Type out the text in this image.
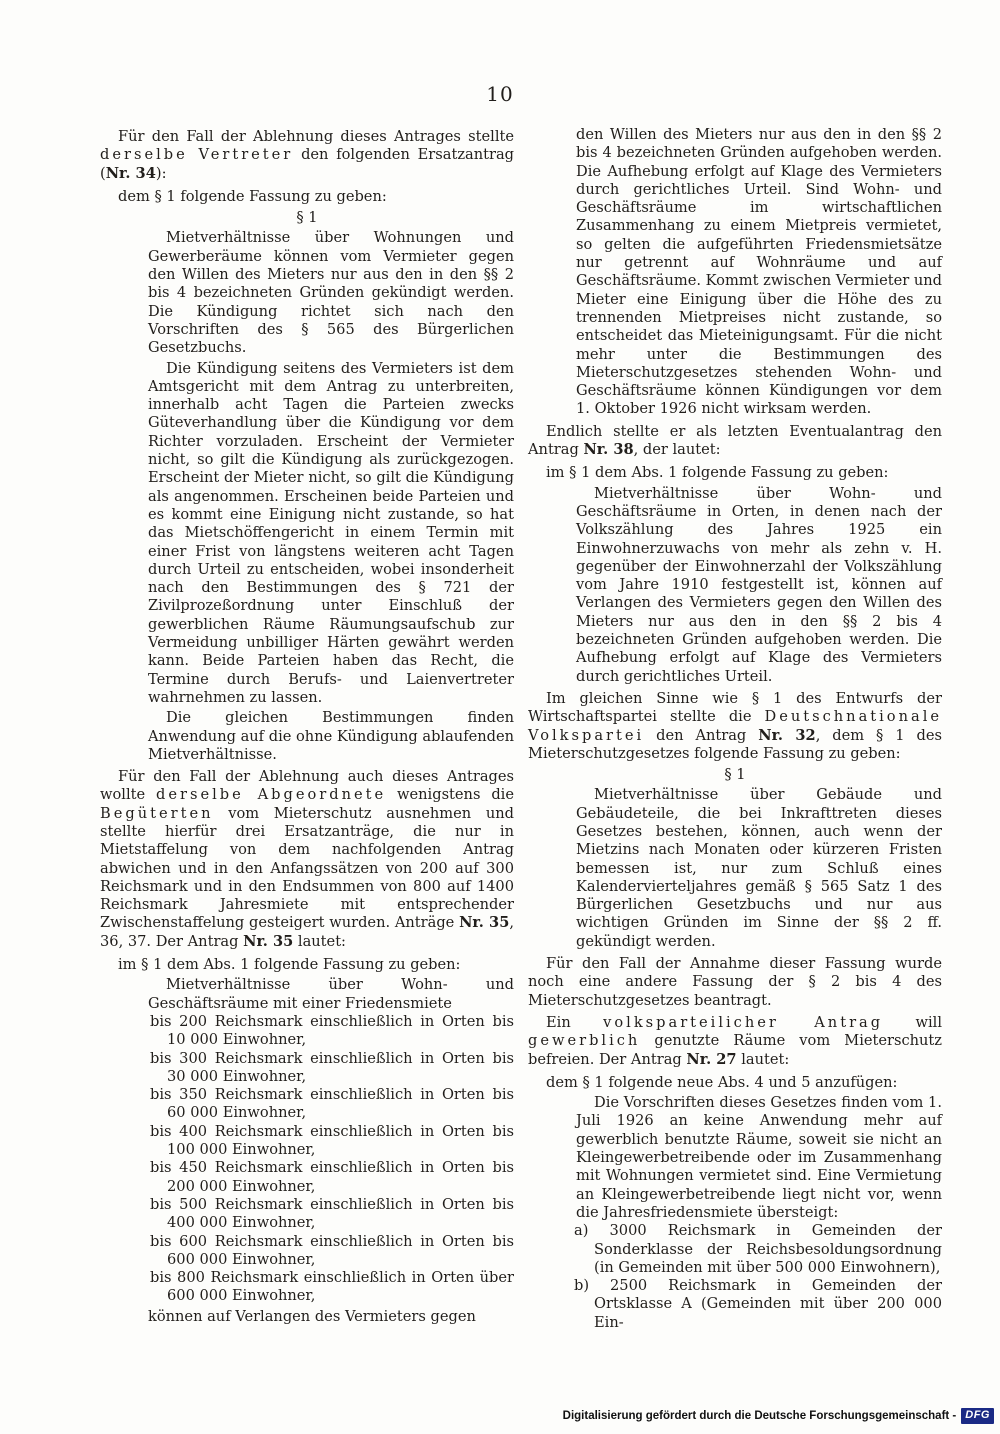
10

Für den Fall der Ablehnung dieses Antrages stellte derselbe Vertreter den folgenden Ersatzantrag (Nr. 34):

dem § 1 folgende Fassung zu geben:

§ 1

Mietverhältnisse über Wohnungen und Gewerberäume können vom Vermieter gegen den Willen des Mieters nur aus den in den §§ 2 bis 4 bezeichneten Gründen gekündigt werden. Die Kündigung richtet sich nach den Vorschriften des § 565 des Bürgerlichen Gesetzbuchs.

Die Kündigung seitens des Vermieters ist dem Amtsgericht mit dem Antrag zu unterbreiten, innerhalb acht Tagen die Parteien zwecks Güteverhandlung über die Kündigung vor dem Richter vorzuladen. Erscheint der Vermieter nicht, so gilt die Kündigung als zurückgezogen. Erscheint der Mieter nicht, so gilt die Kündigung als angenommen. Erscheinen beide Parteien und es kommt eine Einigung nicht zustande, so hat das Mietschöffengericht in einem Termin mit einer Frist von längstens weiteren acht Tagen durch Urteil zu entscheiden, wobei insonderheit nach den Bestimmungen des § 721 der Zivilprozeßordnung unter Einschluß der gewerblichen Räume Räumungsaufschub zur Vermeidung unbilliger Härten gewährt werden kann. Beide Parteien haben das Recht, die Termine durch Berufs- und Laienvertreter wahrnehmen zu lassen.

Die gleichen Bestimmungen finden Anwendung auf die ohne Kündigung ablaufenden Mietverhältnisse.

Für den Fall der Ablehnung auch dieses Antrages wollte derselbe Abgeordnete wenigstens die Begüterten vom Mieterschutz ausnehmen und stellte hierfür drei Ersatzanträge, die nur in Mietstaffelung von dem nachfolgenden Antrag abwichen und in den Anfangssätzen von 200 auf 300 Reichsmark und in den Endsummen von 800 auf 1400 Reichsmark Jahresmiete mit entsprechender Zwischenstaffelung gesteigert wurden. Anträge Nr. 35, 36, 37. Der Antrag Nr. 35 lautet:

im § 1 dem Abs. 1 folgende Fassung zu geben:

Mietverhältnisse über Wohn- und Geschäftsräume mit einer Friedensmiete

bis 200 Reichsmark einschließlich in Orten bis 10 000 Einwohner,

bis 300 Reichsmark einschließlich in Orten bis 30 000 Einwohner,

bis 350 Reichsmark einschließlich in Orten bis 60 000 Einwohner,

bis 400 Reichsmark einschließlich in Orten bis 100 000 Einwohner,

bis 450 Reichsmark einschließlich in Orten bis 200 000 Einwohner,

bis 500 Reichsmark einschließlich in Orten bis 400 000 Einwohner,

bis 600 Reichsmark einschließlich in Orten bis 600 000 Einwohner,

bis 800 Reichsmark einschließlich in Orten über 600 000 Einwohner,

können auf Verlangen des Vermieters gegen

den Willen des Mieters nur aus den in den §§ 2 bis 4 bezeichneten Gründen aufgehoben werden. Die Aufhebung erfolgt auf Klage des Vermieters durch gerichtliches Urteil. Sind Wohn- und Geschäftsräume im wirtschaftlichen Zusammenhang zu einem Mietpreis vermietet, so gelten die aufgeführten Friedensmietsätze nur getrennt auf Wohnräume und auf Geschäftsräume. Kommt zwischen Vermieter und Mieter eine Einigung über die Höhe des zu trennenden Mietpreises nicht zustande, so entscheidet das Mieteinigungsamt. Für die nicht mehr unter die Bestimmungen des Mieterschutzgesetzes stehenden Wohn- und Geschäftsräume können Kündigungen vor dem 1. Oktober 1926 nicht wirksam werden.

Endlich stellte er als letzten Eventualantrag den Antrag Nr. 38, der lautet:

im § 1 dem Abs. 1 folgende Fassung zu geben:

Mietverhältnisse über Wohn- und Geschäftsräume in Orten, in denen nach der Volkszählung des Jahres 1925 ein Einwohnerzuwachs von mehr als zehn v. H. gegenüber der Einwohnerzahl der Volkszählung vom Jahre 1910 festgestellt ist, können auf Verlangen des Vermieters gegen den Willen des Mieters nur aus den in den §§ 2 bis 4 bezeichneten Gründen aufgehoben werden. Die Aufhebung erfolgt auf Klage des Vermieters durch gerichtliches Urteil.

Im gleichen Sinne wie § 1 des Entwurfs der Wirtschaftspartei stellte die Deutschnationale Volkspartei den Antrag Nr. 32, dem § 1 des Mieterschutzgesetzes folgende Fassung zu geben:

§ 1

Mietverhältnisse über Gebäude und Gebäudeteile, die bei Inkrafttreten dieses Gesetzes bestehen, können, auch wenn der Mietzins nach Monaten oder kürzeren Fristen bemessen ist, nur zum Schluß eines Kalendervierteljahres gemäß § 565 Satz 1 des Bürgerlichen Gesetzbuchs und nur aus wichtigen Gründen im Sinne der §§ 2 ff. gekündigt werden.

Für den Fall der Annahme dieser Fassung wurde noch eine andere Fassung der § 2 bis 4 des Mieterschutzgesetzes beantragt.

Ein volksparteilicher Antrag will gewerblich genutzte Räume vom Mieterschutz befreien. Der Antrag Nr. 27 lautet:

dem § 1 folgende neue Abs. 4 und 5 anzufügen:

Die Vorschriften dieses Gesetzes finden vom 1. Juli 1926 an keine Anwendung mehr auf gewerblich benutzte Räume, soweit sie nicht an Kleingewerbetreibende oder im Zusammenhang mit Wohnungen vermietet sind. Eine Vermietung an Kleingewerbetreibende liegt nicht vor, wenn die Jahresfriedensmiete übersteigt:

a) 3000 Reichsmark in Gemeinden der Sonderklasse der Reichsbesoldungsordnung (in Gemeinden mit über 500 000 Einwohnern),

b) 2500 Reichsmark in Gemeinden der Ortsklasse A (Gemeinden mit über 200 000 Ein-

Digitalisierung gefördert durch die Deutsche Forschungsgemeinschaft - DFG
